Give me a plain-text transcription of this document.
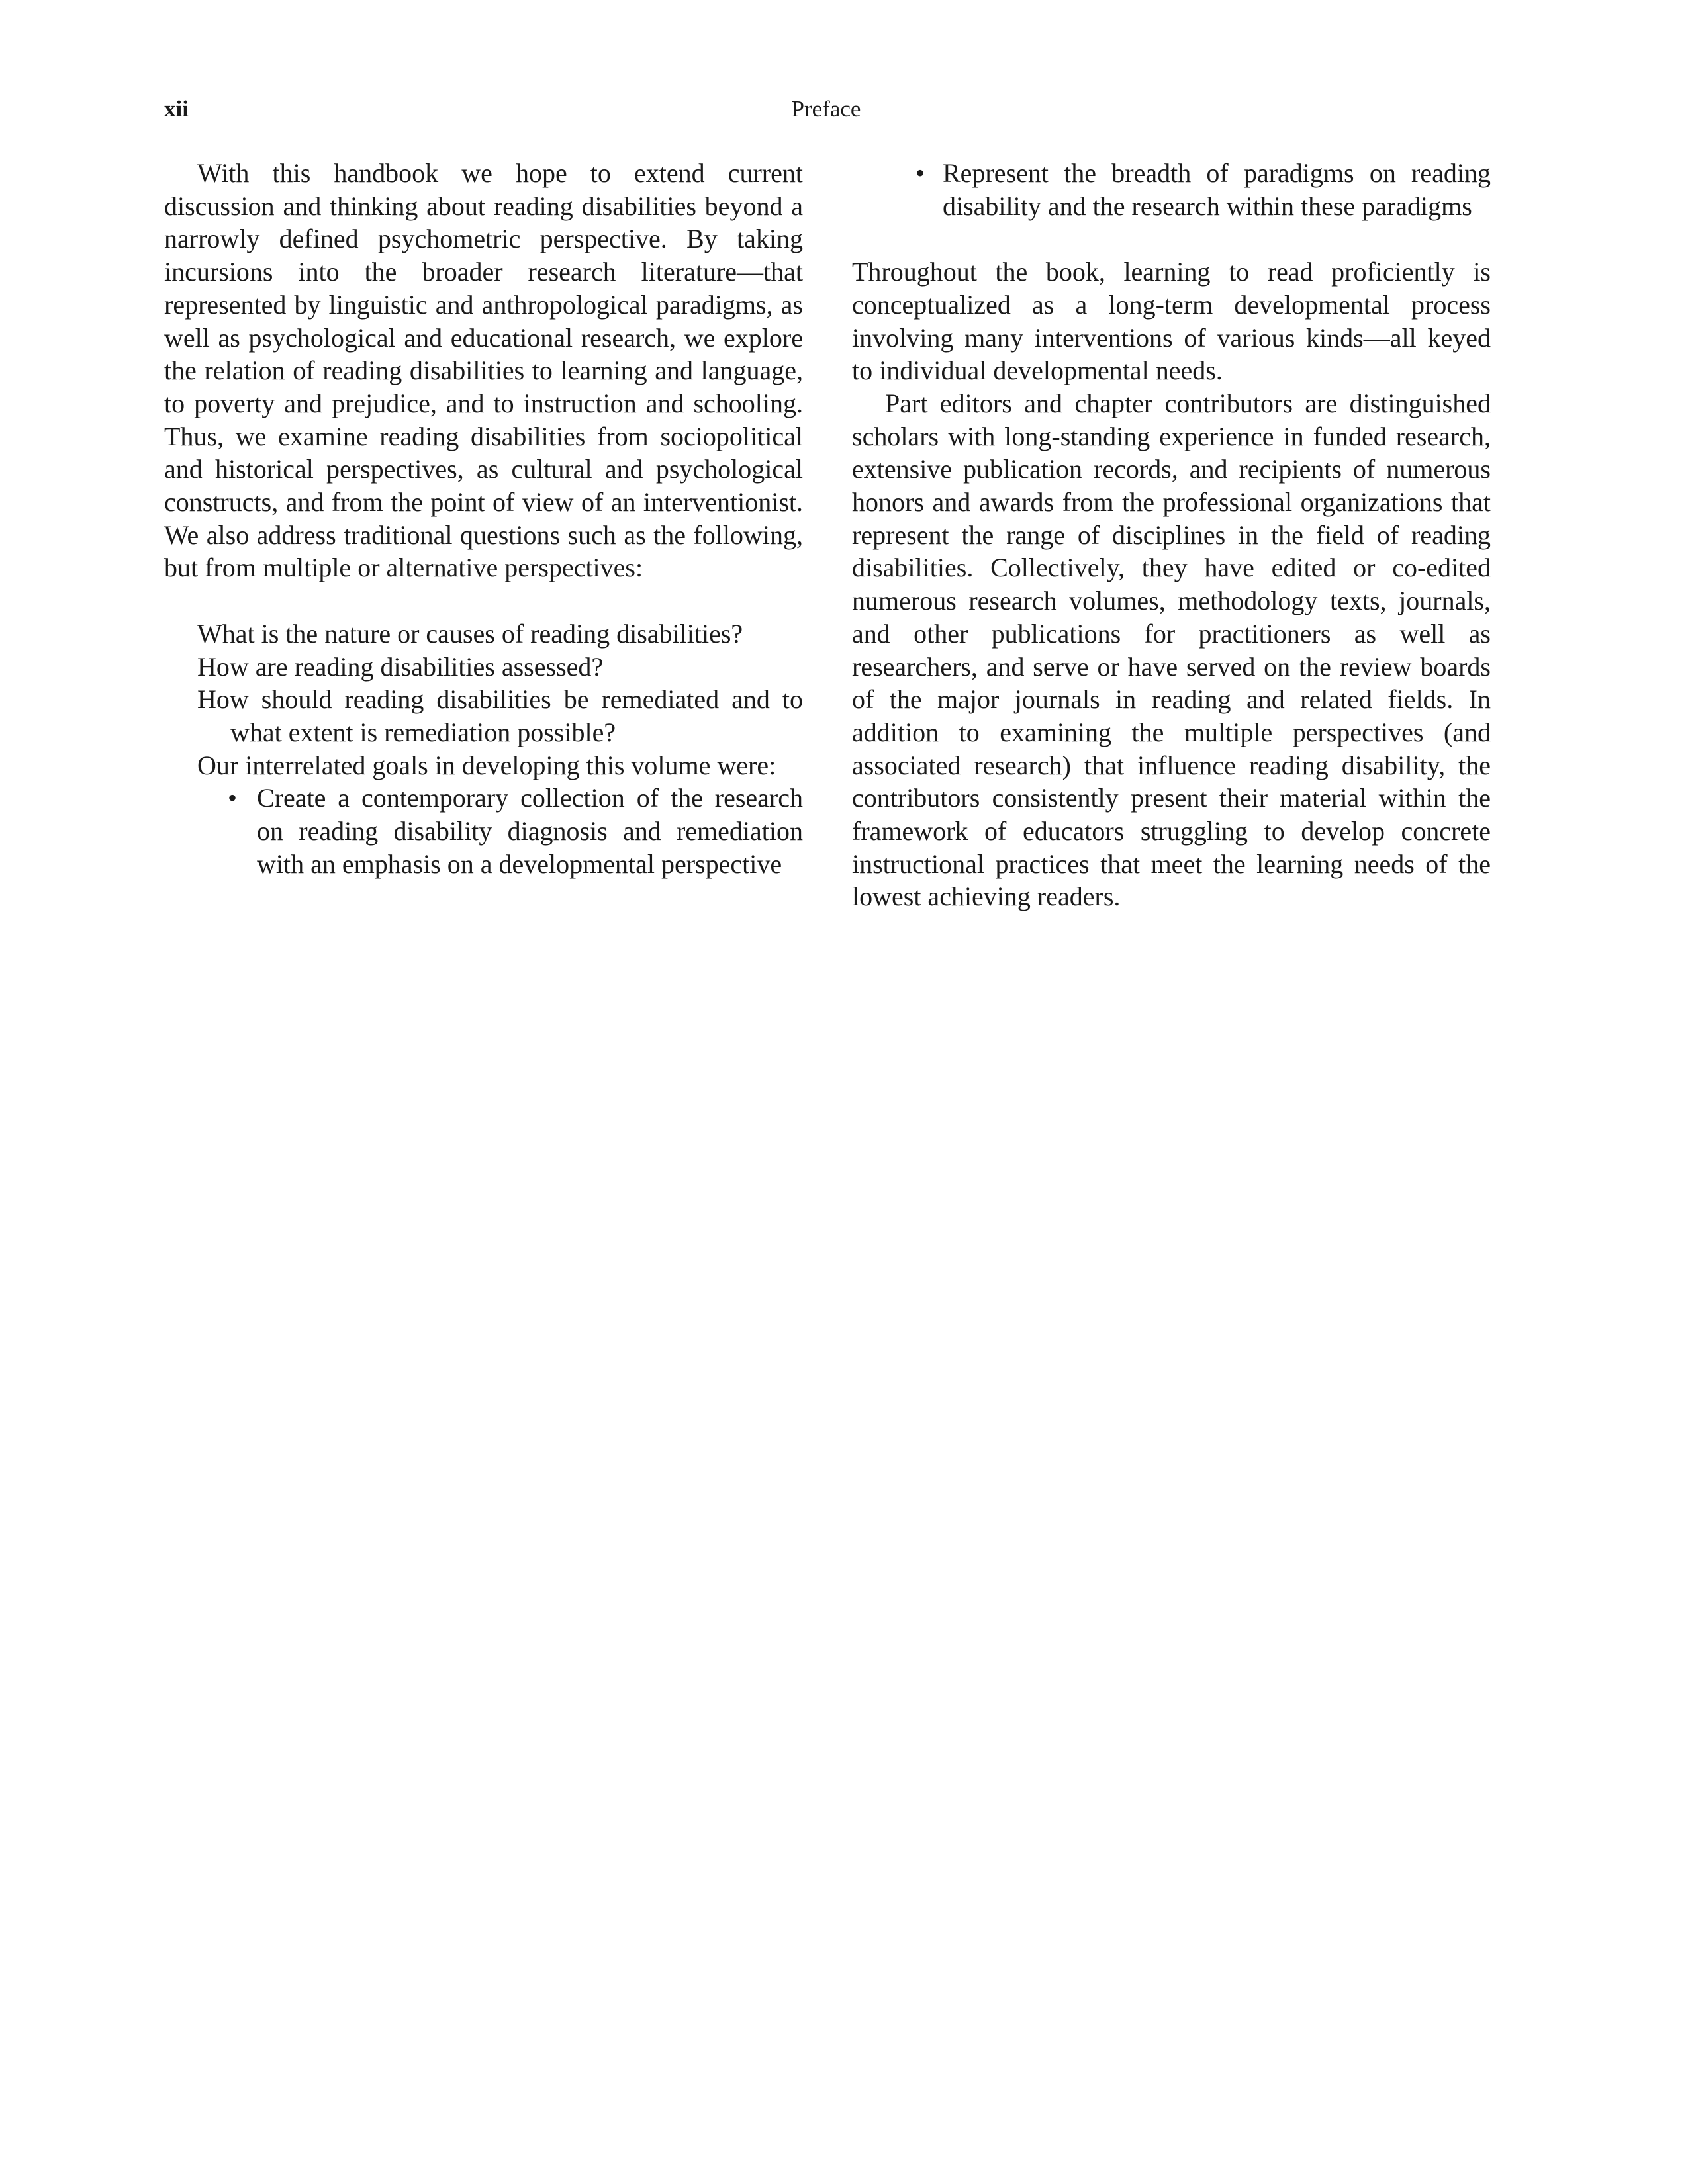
xii	Preface

With this handbook we hope to extend current discussion and thinking about reading disabilities beyond a narrowly defined psychometric perspective. By taking incursions into the broader research literature—that represented by linguistic and anthropological paradigms, as well as psychological and educational research, we explore the relation of reading disabilities to learning and language, to poverty and prejudice, and to instruction and schooling. Thus, we examine reading disabilities from sociopolitical and historical perspectives, as cultural and psychological constructs, and from the point of view of an interventionist. We also address traditional questions such as the following, but from multiple or alternative perspectives:

What is the nature or causes of reading disabilities?
How are reading disabilities assessed?
How should reading disabilities be remediated and to what extent is remediation possible?

Our interrelated goals in developing this volume were:

• Create a contemporary collection of the research on reading disability diagnosis and remediation with an emphasis on a developmental perspective
• Represent the breadth of paradigms on reading disability and the research within these paradigms

Throughout the book, learning to read proficiently is conceptualized as a long-term developmental process involving many interventions of various kinds—all keyed to individual developmental needs.

Part editors and chapter contributors are distinguished scholars with long-standing experience in funded research, extensive publication records, and recipients of numerous honors and awards from the professional organizations that represent the range of disciplines in the field of reading disabilities. Collectively, they have edited or co-edited numerous research volumes, methodology texts, journals, and other publications for practitioners as well as researchers, and serve or have served on the review boards of the major journals in reading and related fields. In addition to examining the multiple perspectives (and associated research) that influence reading disability, the contributors consistently present their material within the framework of educators struggling to develop concrete instructional practices that meet the learning needs of the lowest achieving readers.
